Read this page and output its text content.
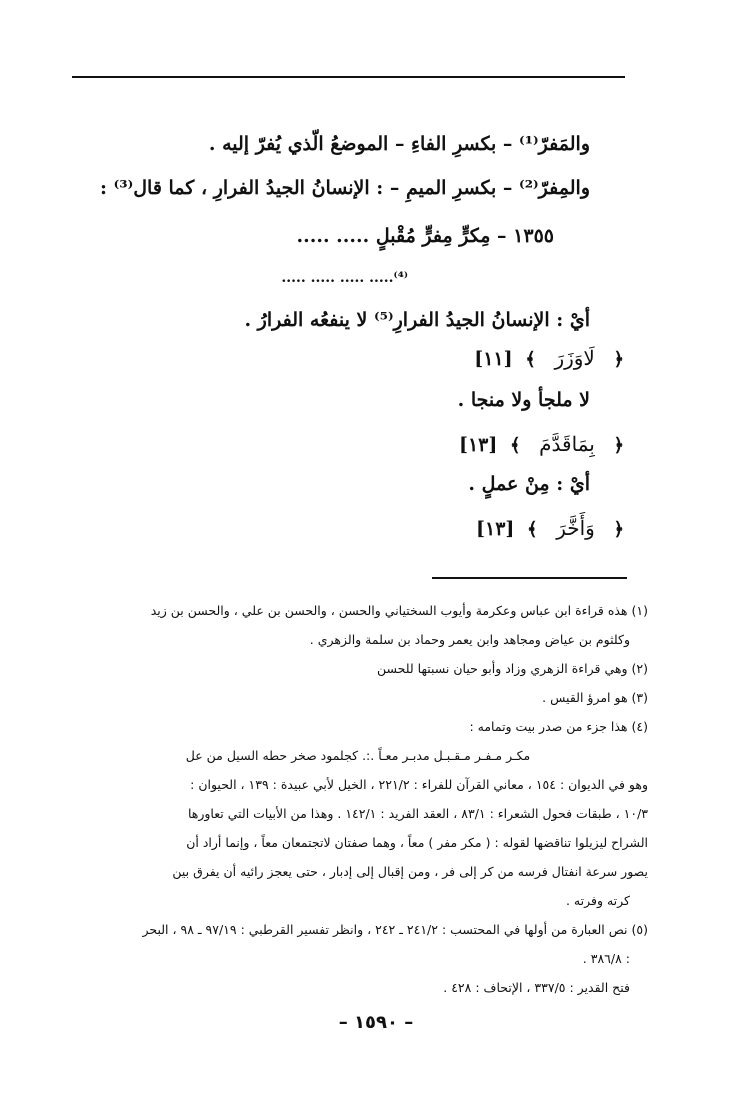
والمَفرّ⁽¹⁾ – بكسرِ الفاءِ – الموضعُ الّذي يُفرّ إليه .
والمِفرّ⁽²⁾ – بكسرِ الميمِ – : الإنسانُ الجيدُ الفرارِ ، كما قال⁽³⁾ :
١٣٥٥ – مِكرٍّ مِفرٍّ مُقْبلٍ ..... .....
⁽⁴⁾..... ..... ..... .....
أيْ : الإنسانُ الجيدُ الفرارِ⁽⁵⁾ لا ينفعُه الفرارُ .
﴿ لَاوَزَرَ ﴾ [١١]
لا ملجأ ولا منجا .
﴿ بِمَاقَدَّمَ ﴾ [١٣]
أيْ : مِنْ عملٍ .
﴿ وَأَخَّرَ ﴾ [١٣]

(١) هذه قراءة ابن عباس وعكرمة وأيوب السختياني والحسن ، والحسن بن علي ، والحسن بن زيد

وكلثوم بن عياض ومجاهد وابن يعمر وحماد بن سلمة والزهري .

(٢) وهي قراءة الزهري وزاد وأبو حيان نسبتها للحسن

(٣) هو امرؤ القيس .

(٤) هذا جزء من صدر بيت وتمامه :

مكـر مـفـر مـقـبـل مدبـر معـاً .:. كجلمود صخر حطه السيل من عل

وهو في الديوان : ١٥٤ ، معاني القرآن للفراء : ٢٢١/٢ ، الخيل لأبي عبيدة : ١٣٩ ، الحيوان :

١٠/٣ ، طبقات فحول الشعراء : ٨٣/١ ، العقد الفريد : ١٤٢/١ . وهذا من الأبيات التي تعاورها

الشراح ليزيلوا تناقضها لقوله : ( مكر مفر ) معاً ، وهما صفتان لاتجتمعان معاً ، وإنما أراد أن

يصور سرعة انفتال فرسه من كر إلى فر ، ومن إقبال إلى إدبار ، حتى يعجز رائيه أن يفرق بين

كرته وفرته .

(٥) نص العبارة من أولها في المحتسب : ٢٤١/٢ ـ ٢٤٢ ، وانظر تفسير القرطبي : ٩٧/١٩ ـ ٩٨ ، البحر

: ٣٨٦/٨ .

فتح القدير : ٣٣٧/٥ ، الإتحاف : ٤٢٨ .

– ١٥٩٠ –
